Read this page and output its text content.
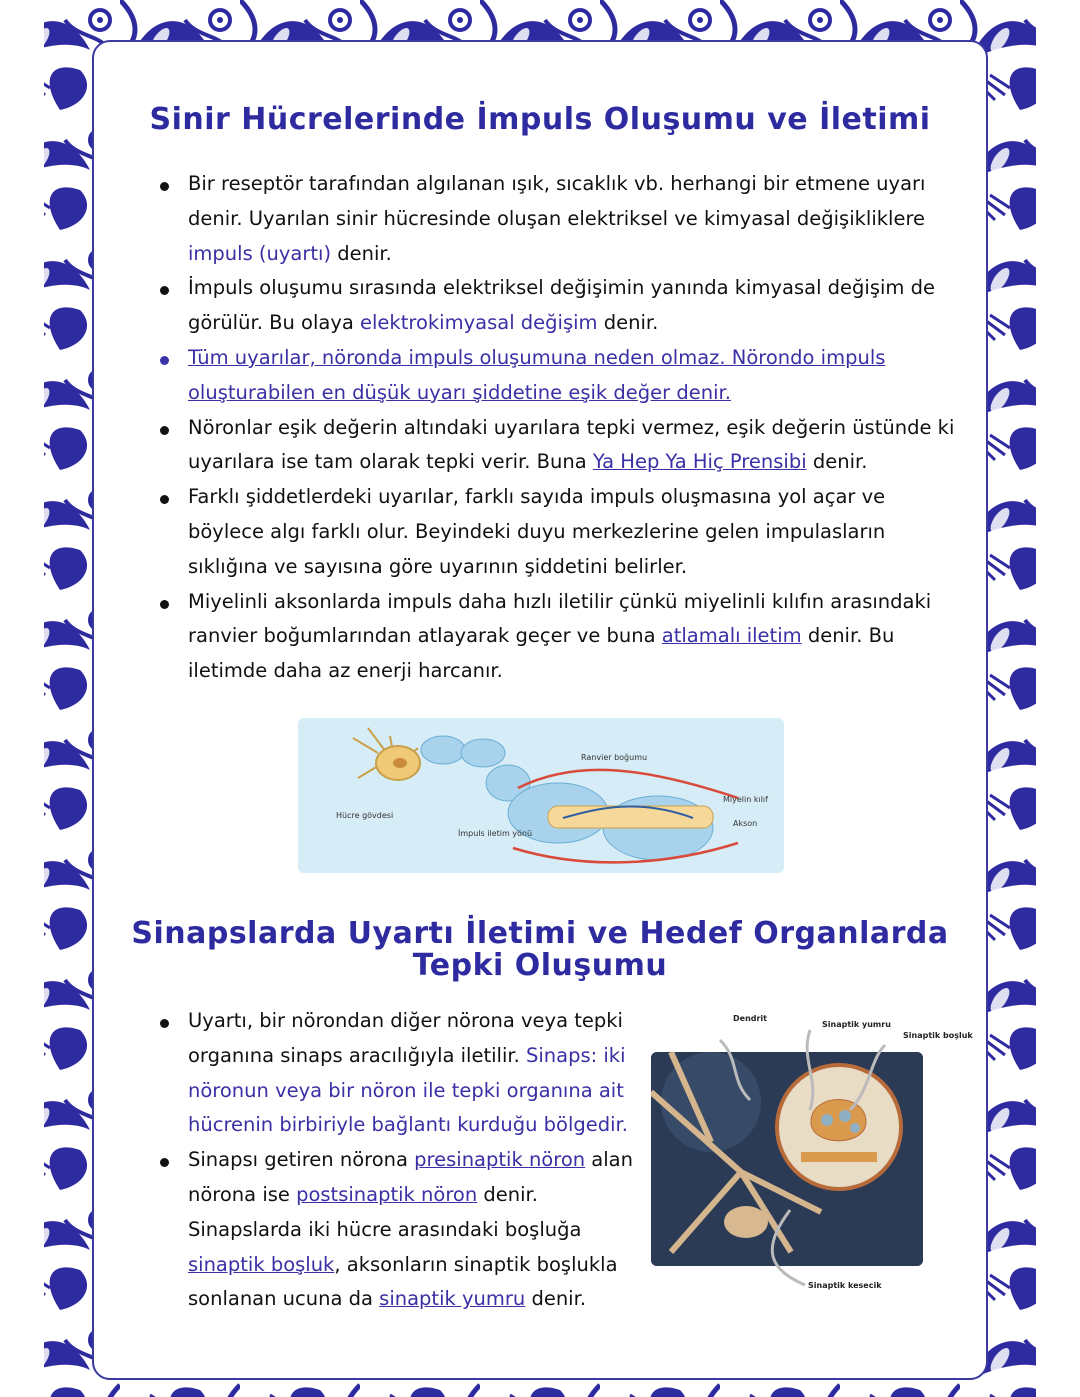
Sinir Hücrelerinde İmpuls Oluşumu ve İletimi
Bir reseptör tarafından algılanan ışık, sıcaklık vb. herhangi bir etmene uyarı denir. Uyarılan sinir hücresinde oluşan elektriksel ve kimyasal değişikliklere impuls (uyartı) denir.
İmpuls oluşumu sırasında elektriksel değişimin yanında kimyasal değişim de görülür. Bu olaya elektrokimyasal değişim denir.
Tüm uyarılar, nöronda impuls oluşumuna neden olmaz. Nörondo impuls oluşturabilen en düşük uyarı şiddetine eşik değer denir.
Nöronlar eşik değerin altındaki uyarılara tepki vermez, eşik değerin üstünde ki uyarılara ise tam olarak tepki verir. Buna Ya Hep Ya Hiç Prensibi denir.
Farklı şiddetlerdeki uyarılar, farklı sayıda impuls oluşmasına yol açar ve böylece algı farklı olur. Beyindeki duyu merkezlerine gelen impulasların sıklığına ve sayısına göre uyarının şiddetini belirler.
Miyelinli aksonlarda impuls daha hızlı iletilir çünkü miyelinli kılıfın arasındaki ranvier boğumlarından atlayarak geçer ve buna atlamalı iletim denir. Bu iletimde daha az enerji harcanır.
Ranvier boğumu
Miyelin kılıf
Akson
Hücre gövdesi
İmpuls iletim yönü
Sinapslarda Uyartı İletimi ve Hedef Organlarda Tepki Oluşumu
Uyartı, bir nörondan diğer nörona veya tepki organına sinaps aracılığıyla iletilir. Sinaps: iki nöronun veya bir nöron ile tepki organına ait hücrenin birbiriyle bağlantı kurduğu bölgedir.
Sinapsı getiren nörona presinaptik nöron alan nörona ise postsinaptik nöron denir. Sinapslarda iki hücre arasındaki boşluğa sinaptik boşluk, aksonların sinaptik boşlukla sonlanan ucuna da sinaptik yumru denir.
Dendrit
Sinaptik yumru
Sinaptik boşluk
Sinaptik kesecik
